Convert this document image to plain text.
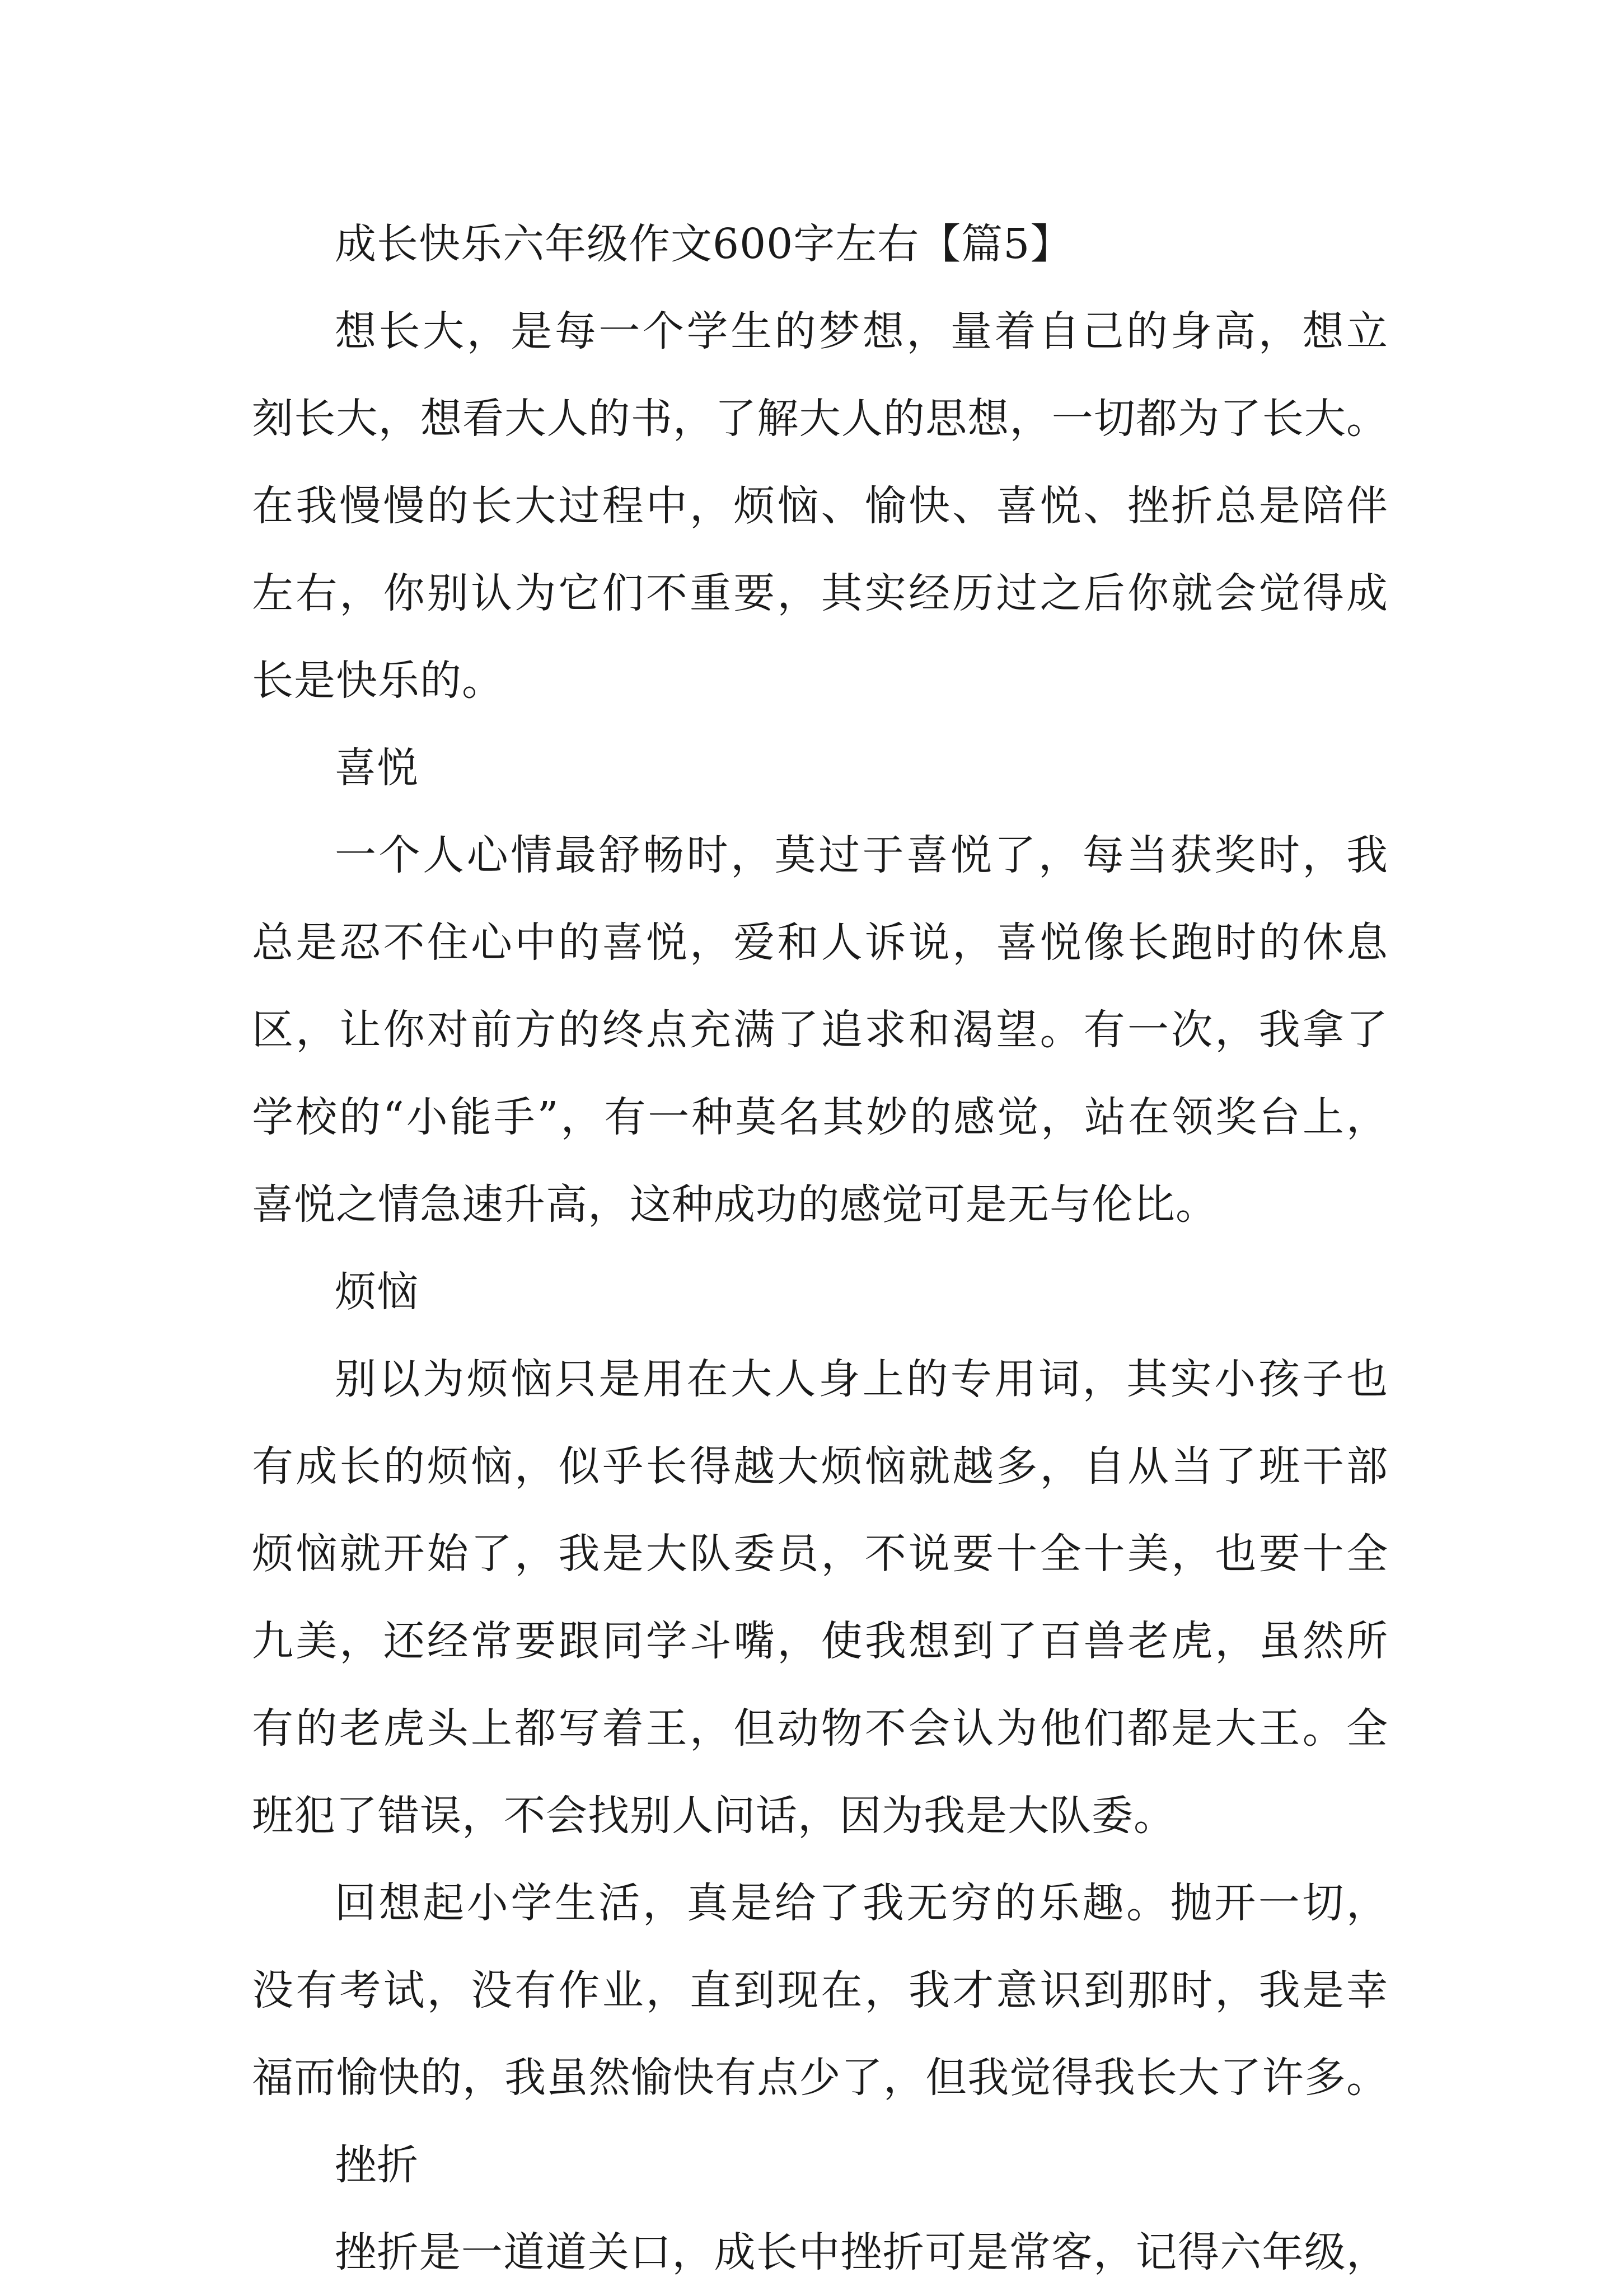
成长快乐六年级作文600字左右【篇5】
想长大，是每一个学生的梦想，量着自己的身高，想立
刻长大，想看大人的书，了解大人的思想，一切都为了长大。
在我慢慢的长大过程中，烦恼、愉快、喜悦、挫折总是陪伴
左右，你别认为它们不重要，其实经历过之后你就会觉得成
长是快乐的。
喜悦
一个人心情最舒畅时，莫过于喜悦了，每当获奖时，我
总是忍不住心中的喜悦，爱和人诉说，喜悦像长跑时的休息
区，让你对前方的终点充满了追求和渴望。有一次，我拿了
学校的“小能手”，有一种莫名其妙的感觉，站在领奖台上，
喜悦之情急速升高，这种成功的感觉可是无与伦比。
烦恼
别以为烦恼只是用在大人身上的专用词，其实小孩子也
有成长的烦恼，似乎长得越大烦恼就越多，自从当了班干部
烦恼就开始了，我是大队委员，不说要十全十美，也要十全
九美，还经常要跟同学斗嘴，使我想到了百兽老虎，虽然所
有的老虎头上都写着王，但动物不会认为他们都是大王。全
班犯了错误，不会找别人问话，因为我是大队委。
回想起小学生活，真是给了我无穷的乐趣。抛开一切，
没有考试，没有作业，直到现在，我才意识到那时，我是幸
福而愉快的，我虽然愉快有点少了，但我觉得我长大了许多。
挫折
挫折是一道道关口，成长中挫折可是常客，记得六年级，
